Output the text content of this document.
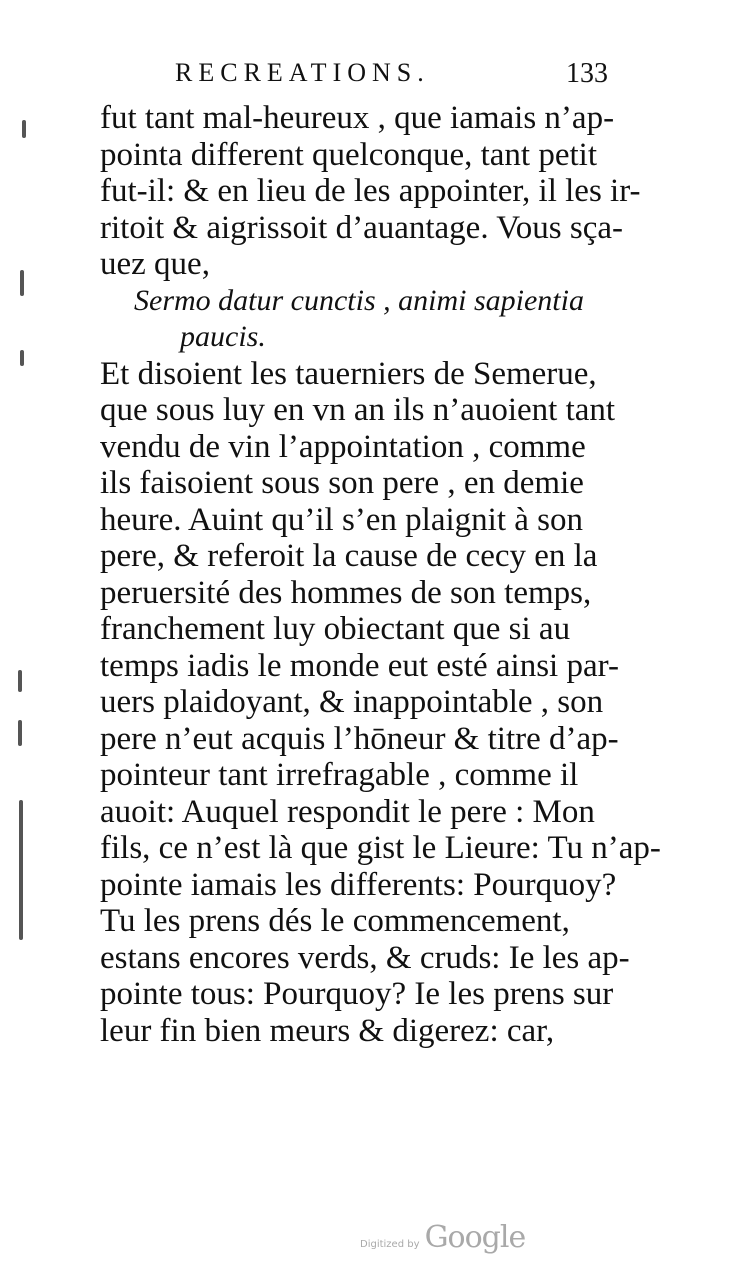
RECREATIONS.	133
fut tant mal-heureux , que iamais n’ap-
pointa different quelconque, tant petit
fut-il: & en lieu de les appointer, il les ir-
ritoit & aigrissoit d’auantage. Vous sça-
uez que,
Sermo datur cunctis , animi sapientia
paucis.
Et disoient les tauerniers de Semerue,
que sous luy en vn an ils n’auoient tant
vendu de vin l’appointation , comme
ils faisoient sous son pere , en demie
heure. Auint qu’il s’en plaignit à son
pere, & referoit la cause de cecy en la
peruersité des hommes de son temps,
franchement luy obiectant que si au
temps iadis le monde eut esté ainsi par-
uers plaidoyant, & inappointable , son
pere n’eut acquis l’hōneur & titre d’ap-
pointeur tant irrefragable , comme il
auoit: Auquel respondit le pere : Mon
fils, ce n’est là que gist le Lieure: Tu n’ap-
pointe iamais les differents: Pourquoy?
Tu les prens dés le commencement,
estans encores verds, & cruds: Ie les ap-
pointe tous: Pourquoy? Ie les prens sur
leur fin bien meurs & digerez: car,
Digitized by Google
